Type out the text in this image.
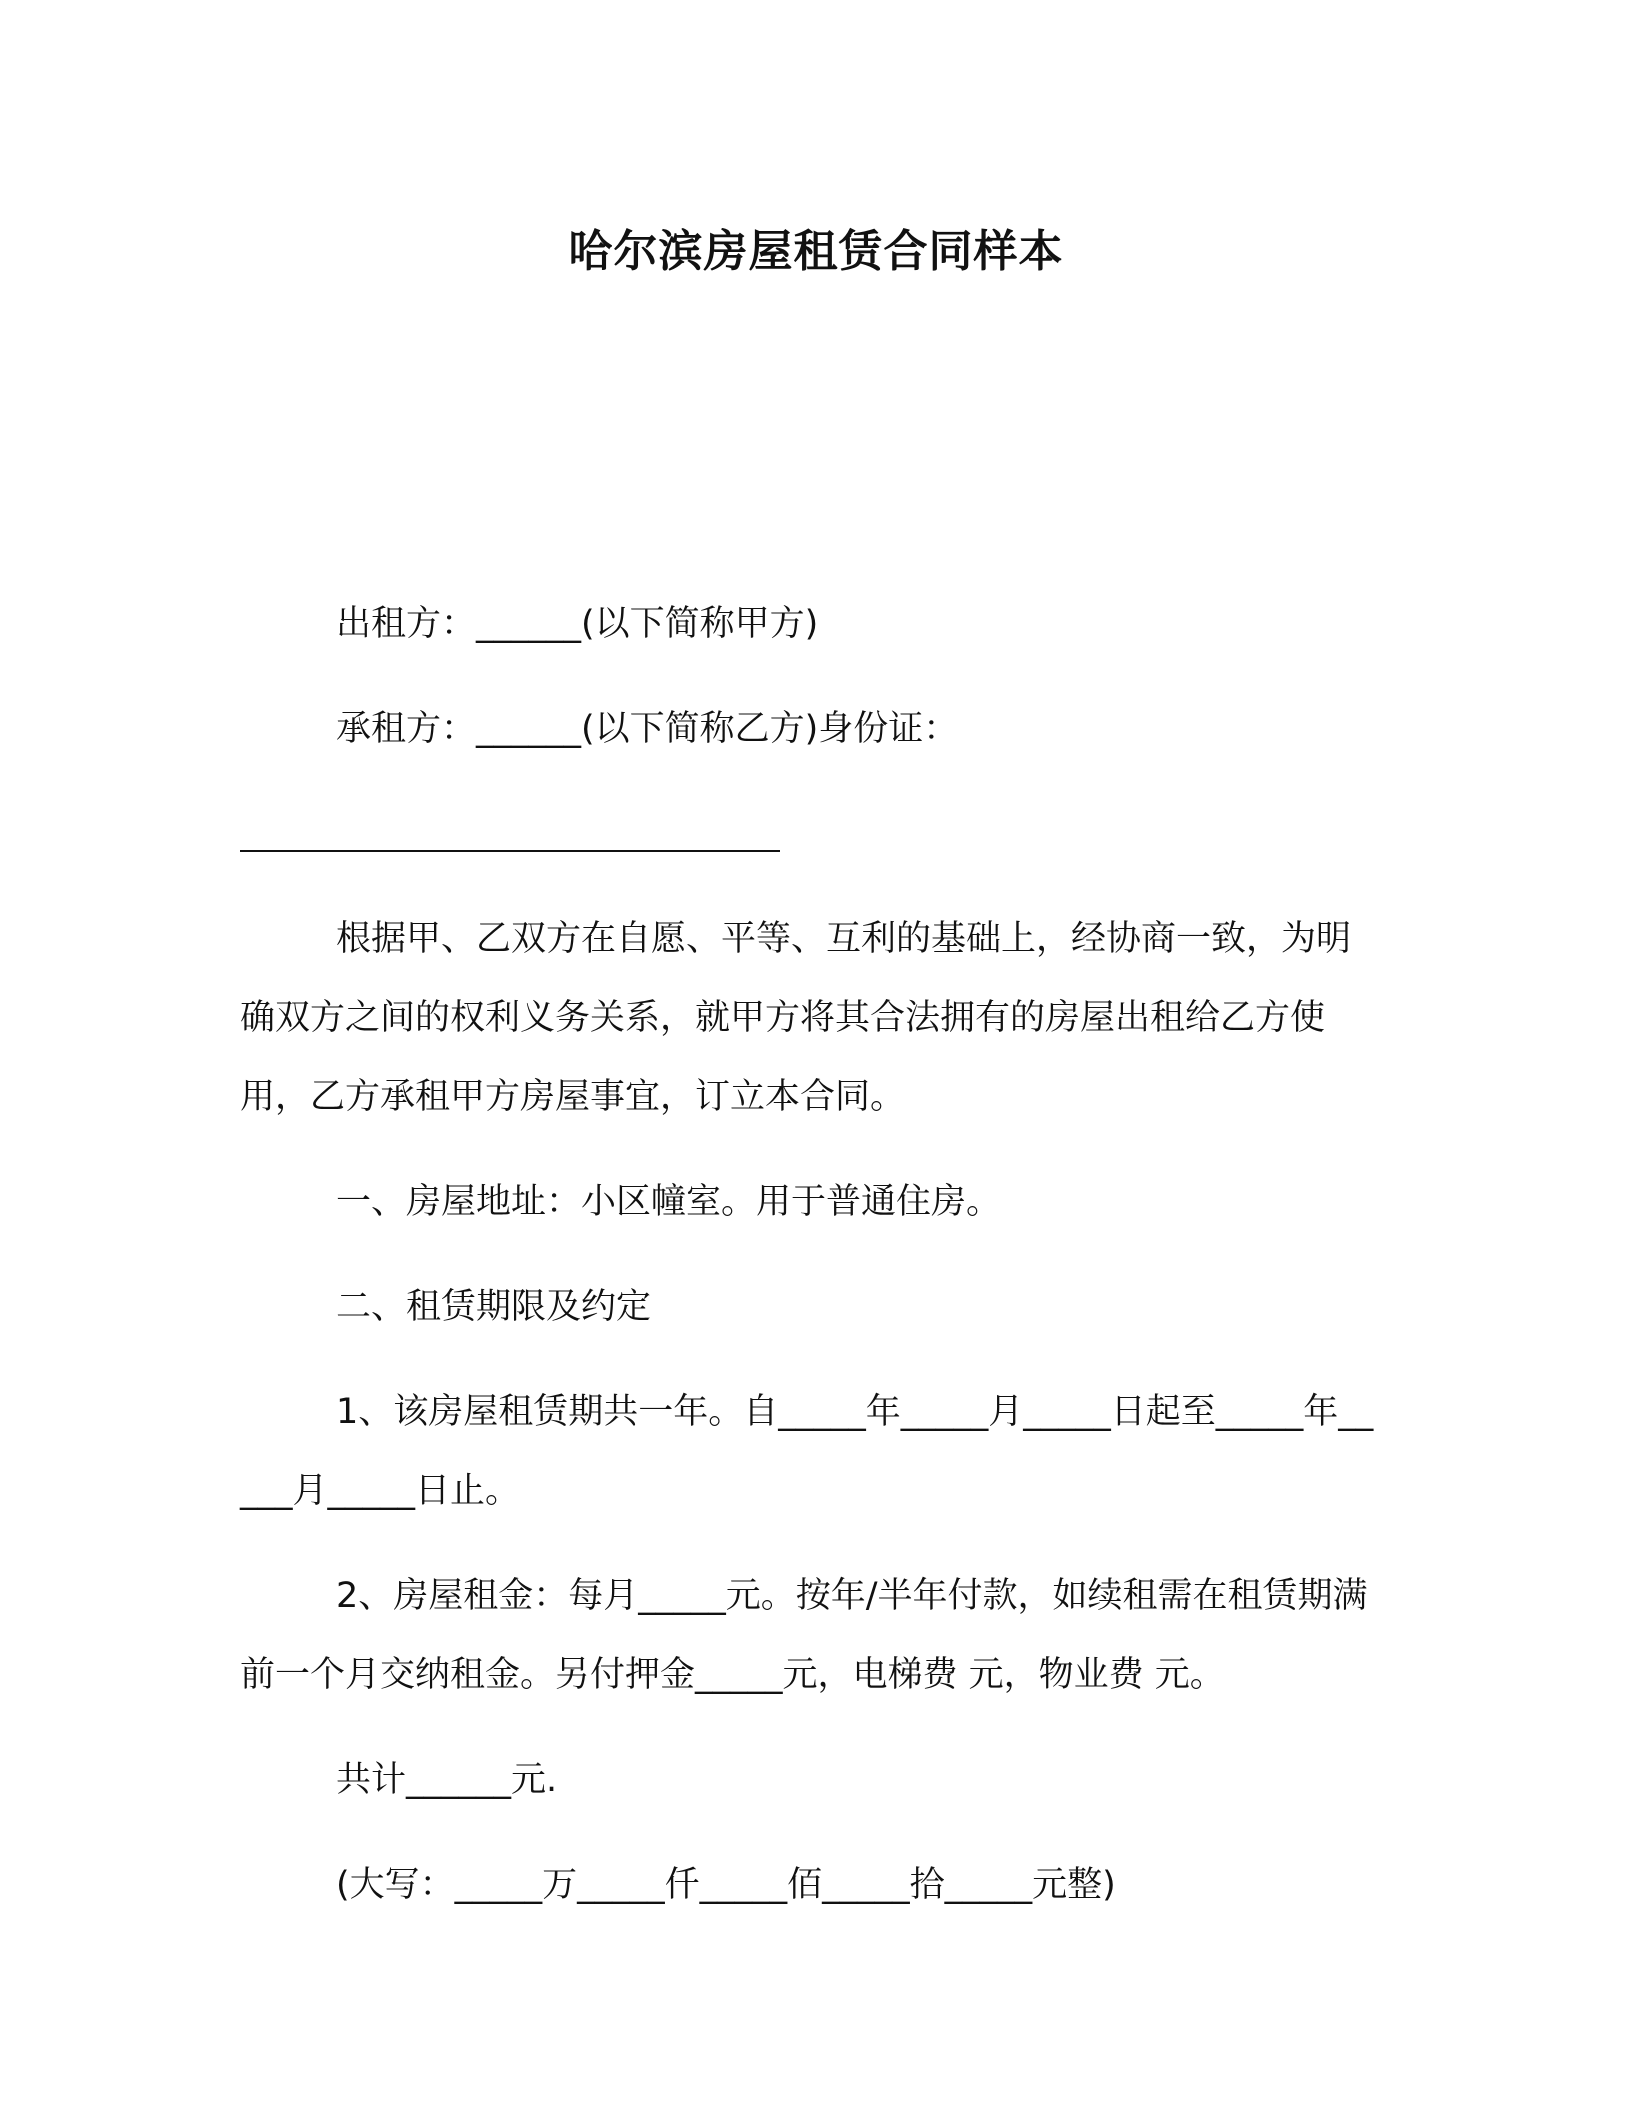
哈尔滨房屋租赁合同样本

出租方：______(以下简称甲方)

承租方：______(以下简称乙方)身份证：

根据甲、乙双方在自愿、平等、互利的基础上，经协商一致，为明确双方之间的权利义务关系，就甲方将其合法拥有的房屋出租给乙方使用，乙方承租甲方房屋事宜，订立本合同。

一、房屋地址：小区幢室。用于普通住房。

二、租赁期限及约定

1、该房屋租赁期共一年。自_____年_____月_____日起至_____年_____月_____日止。

2、房屋租金：每月_____元。按年/半年付款，如续租需在租赁期满前一个月交纳租金。另付押金_____元，电梯费 元，物业费 元。

共计______元.

(大写：_____万_____仟_____佰_____拾_____元整)
